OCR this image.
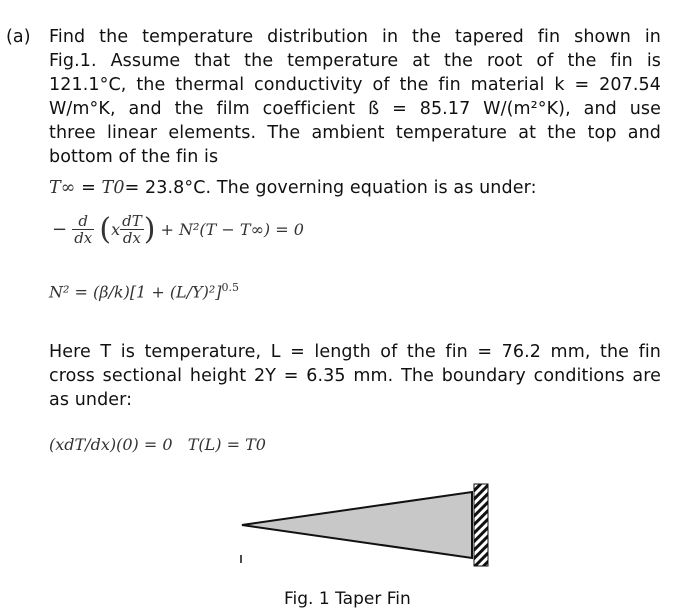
(a) Find the temperature distribution in the tapered fin shown in
Fig.1. Assume that the temperature at the root of the fin is
121.1°C, the thermal conductivity of the fin material k = 207.54
W/m°K, and the film coefficient ß = 85.17 W/(m²°K), and use
three linear elements. The ambient temperature at the top and
bottom of the fin is
T∞ = T0= 23.8°C. The governing equation is as under:
− $\frac{d}{dx} (x \frac{dT}{dx}$ ) + N²(T − T∞) = 0
$N^2 = (\beta/k)[1 + (L/Y)^2]^{0.5}$
Here T is temperature, L = length of the fin = 76.2 mm, the fin
cross sectional height 2Y = 6.35 mm. The boundary conditions are
as under:
(xdT/dx)(0) = 0   T(L) = T0
Fig. 1 Taper Fin
